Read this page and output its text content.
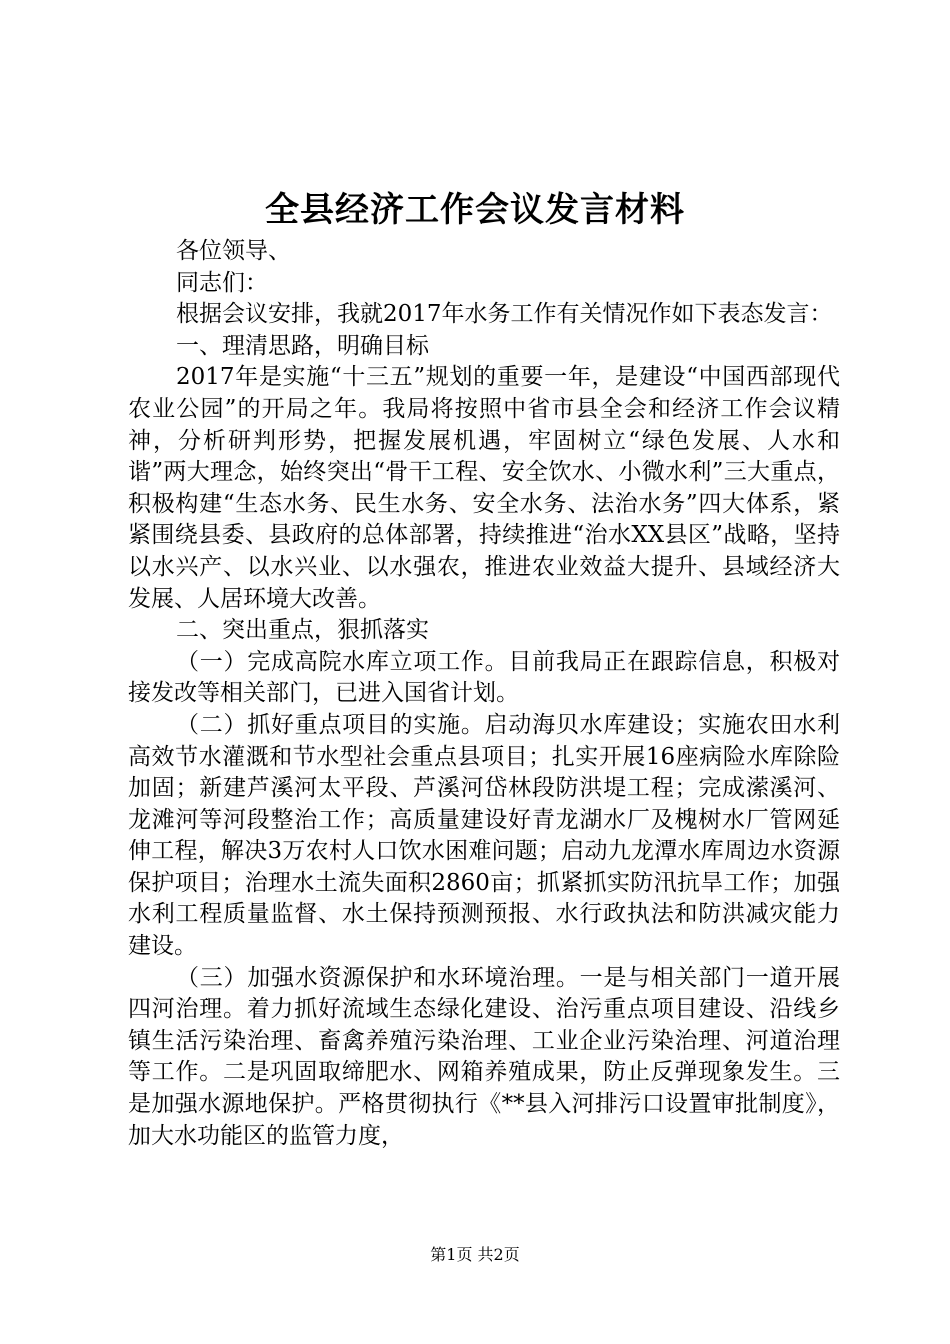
全县经济工作会议发言材料

各位领导、

同志们：

根据会议安排，我就2017年水务工作有关情况作如下表态发言：

一、理清思路，明确目标

2017年是实施“十三五”规划的重要一年，是建设“中国西部现代农业公园”的开局之年。我局将按照中省市县全会和经济工作会议精神，分析研判形势，把握发展机遇，牢固树立“绿色发展、人水和谐”两大理念，始终突出“骨干工程、安全饮水、小微水利”三大重点，积极构建“生态水务、民生水务、安全水务、法治水务”四大体系，紧紧围绕县委、县政府的总体部署，持续推进“治水XX县区”战略，坚持以水兴产、以水兴业、以水强农，推进农业效益大提升、县域经济大发展、人居环境大改善。

二、突出重点，狠抓落实

（一）完成高院水库立项工作。目前我局正在跟踪信息，积极对接发改等相关部门，已进入国省计划。

（二）抓好重点项目的实施。启动海贝水库建设；实施农田水利高效节水灌溉和节水型社会重点县项目；扎实开展16座病险水库除险加固；新建芦溪河太平段、芦溪河岱林段防洪堤工程；完成潆溪河、龙滩河等河段整治工作；高质量建设好青龙湖水厂及槐树水厂管网延伸工程，解决3万农村人口饮水困难问题；启动九龙潭水库周边水资源保护项目；治理水土流失面积2860亩；抓紧抓实防汛抗旱工作；加强水利工程质量监督、水土保持预测预报、水行政执法和防洪减灾能力建设。

（三）加强水资源保护和水环境治理。一是与相关部门一道开展四河治理。着力抓好流域生态绿化建设、治污重点项目建设、沿线乡镇生活污染治理、畜禽养殖污染治理、工业企业污染治理、河道治理等工作。二是巩固取缔肥水、网箱养殖成果，防止反弹现象发生。三是加强水源地保护。严格贯彻执行《**县入河排污口设置审批制度》，加大水功能区的监管力度，

第1页 共2页
